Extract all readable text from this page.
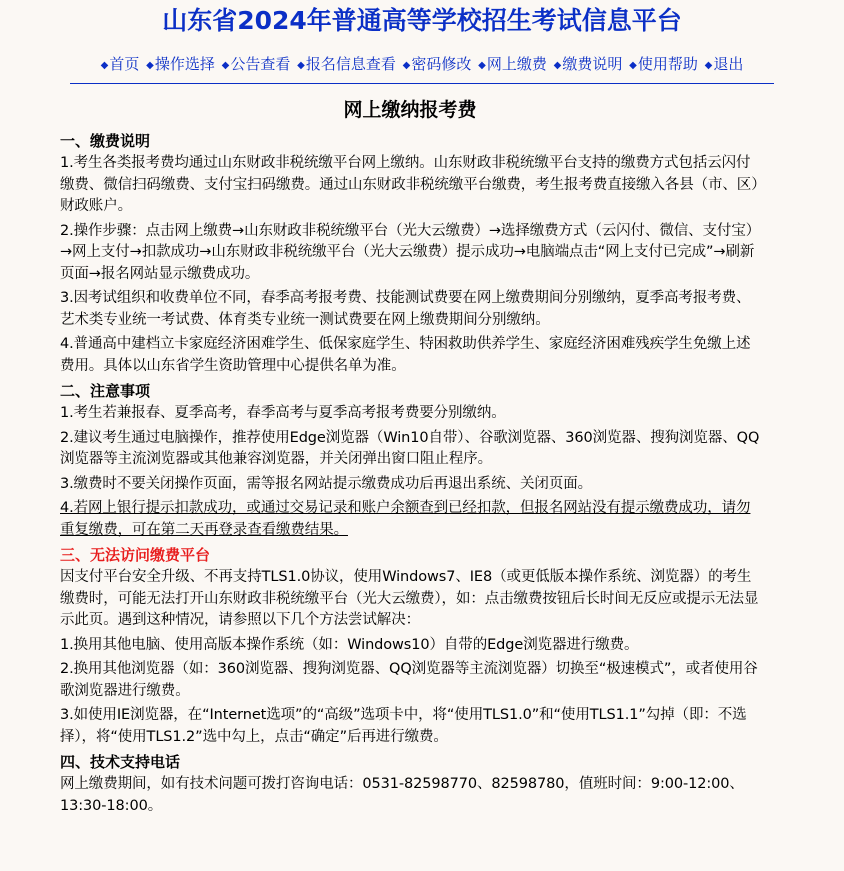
山东省2024年普通高等学校招生考试信息平台
◆首页 ◆操作选择 ◆公告查看 ◆报名信息查看 ◆密码修改 ◆网上缴费 ◆缴费说明 ◆使用帮助 ◆退出
网上缴纳报考费
一、缴费说明

1.考生各类报考费均通过山东财政非税统缴平台网上缴纳。山东财政非税统缴平台支持的缴费方式包括云闪付缴费、微信扫码缴费、支付宝扫码缴费。通过山东财政非税统缴平台缴费，考生报考费直接缴入各县（市、区）财政账户。

2.操作步骤：点击网上缴费→山东财政非税统缴平台（光大云缴费）→选择缴费方式（云闪付、微信、支付宝）→网上支付→扣款成功→山东财政非税统缴平台（光大云缴费）提示成功→电脑端点击“网上支付已完成”→刷新页面→报名网站显示缴费成功。

3.因考试组织和收费单位不同，春季高考报考费、技能测试费要在网上缴费期间分别缴纳，夏季高考报考费、艺术类专业统一考试费、体育类专业统一测试费要在网上缴费期间分别缴纳。

4.普通高中建档立卡家庭经济困难学生、低保家庭学生、特困救助供养学生、家庭经济困难残疾学生免缴上述费用。具体以山东省学生资助管理中心提供名单为准。

二、注意事项

1.考生若兼报春、夏季高考，春季高考与夏季高考报考费要分别缴纳。

2.建议考生通过电脑操作，推荐使用Edge浏览器（Win10自带）、谷歌浏览器、360浏览器、搜狗浏览器、QQ浏览器等主流浏览器或其他兼容浏览器，并关闭弹出窗口阻止程序。

3.缴费时不要关闭操作页面，需等报名网站提示缴费成功后再退出系统、关闭页面。

4.若网上银行提示扣款成功，或通过交易记录和账户余额查到已经扣款，但报名网站没有提示缴费成功，请勿重复缴费，可在第二天再登录查看缴费结果。

三、无法访问缴费平台

因支付平台安全升级、不再支持TLS1.0协议，使用Windows7、IE8（或更低版本操作系统、浏览器）的考生缴费时，可能无法打开山东财政非税统缴平台（光大云缴费），如：点击缴费按钮后长时间无反应或提示无法显示此页。遇到这种情况，请参照以下几个方法尝试解决：

1.换用其他电脑、使用高版本操作系统（如：Windows10）自带的Edge浏览器进行缴费。

2.换用其他浏览器（如：360浏览器、搜狗浏览器、QQ浏览器等主流浏览器）切换至“极速模式”，或者使用谷歌浏览器进行缴费。

3.如使用IE浏览器，在“Internet选项”的“高级”选项卡中，将“使用TLS1.0”和“使用TLS1.1”勾掉（即：不选择），将“使用TLS1.2”选中勾上，点击“确定”后再进行缴费。

四、技术支持电话

网上缴费期间，如有技术问题可拨打咨询电话：0531-82598770、82598780，值班时间：9:00-12:00、13:30-18:00。
